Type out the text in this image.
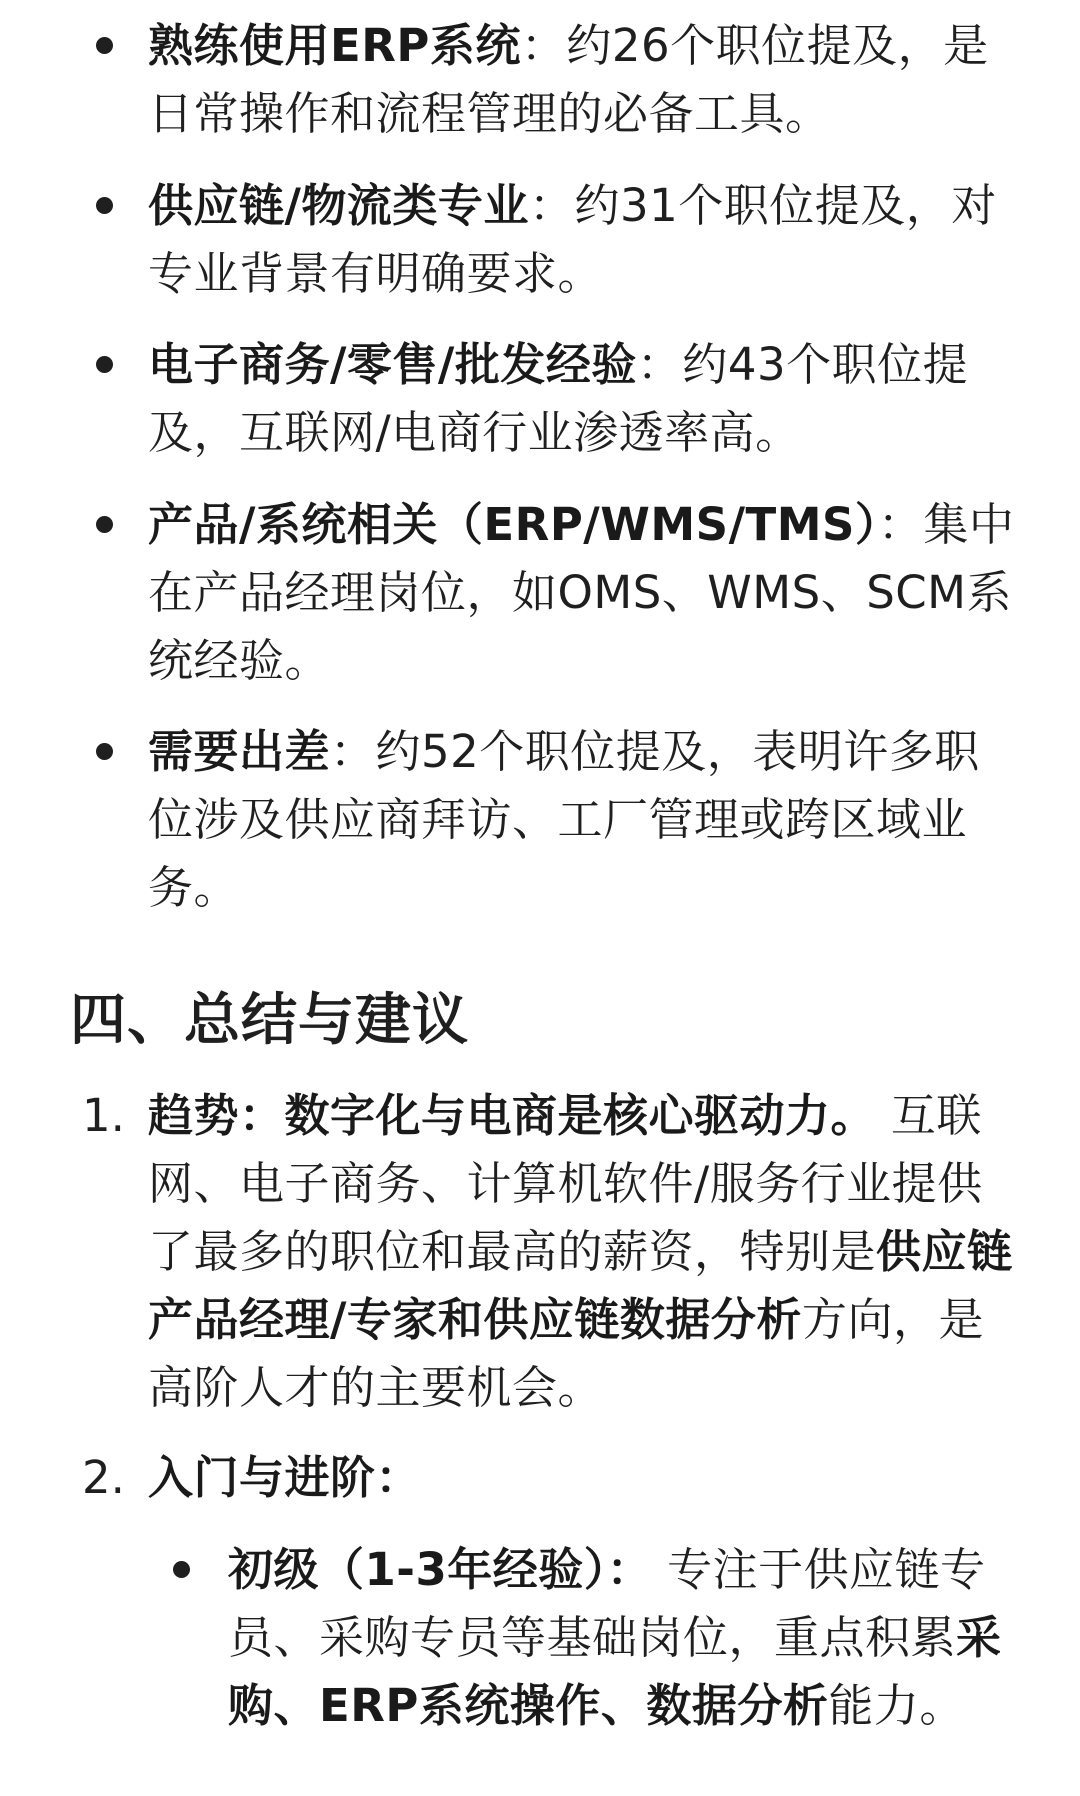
熟练使用ERP系统：约26个职位提及，是日常操作和流程管理的必备工具。
供应链/物流类专业：约31个职位提及，对专业背景有明确要求。
电子商务/零售/批发经验：约43个职位提及，互联网/电商行业渗透率高。
产品/系统相关（ERP/WMS/TMS）：集中在产品经理岗位，如OMS、WMS、SCM系统经验。
需要出差：约52个职位提及，表明许多职位涉及供应商拜访、工厂管理或跨区域业务。
四、总结与建议
1. 趋势：数字化与电商是核心驱动力。 互联网、电子商务、计算机软件/服务行业提供了最多的职位和最高的薪资，特别是供应链产品经理/专家和供应链数据分析方向，是高阶人才的主要机会。
2. 入门与进阶：
初级（1-3年经验）： 专注于供应链专员、采购专员等基础岗位，重点积累采购、ERP系统操作、数据分析能力。
